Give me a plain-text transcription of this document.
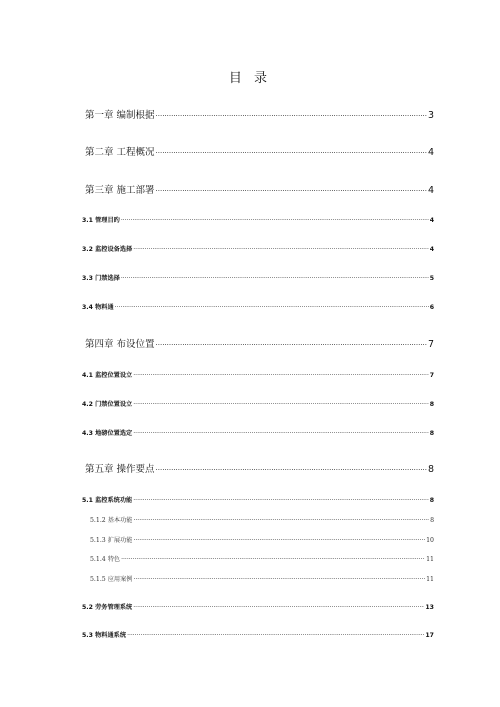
目 录
第一章 编制根据 .....	3
第二章 工程概况 .....	4
第三章 施工部署 .....	4
3.1 管理目旳 .....	4
3.2 监控设备选择 .....	4
3.3 门禁选择 .....	5
3.4 物料通 .....	6
第四章 布设位置 .....	7
4.1 监控位置设立 .....	7
4.2 门禁位置设立 .....	8
4.3 地磅位置选定 .....	8
第五章 操作要点 .....	8
5.1 监控系统功能 .....	8
5.1.2 基本功能 .....	8
5.1.3 扩展功能 .....	10
5.1.4 特色 .....	11
5.1.5 应用案例 .....	11
5.2 劳务管理系统 .....	13
5.3 物料通系统 .....	17
